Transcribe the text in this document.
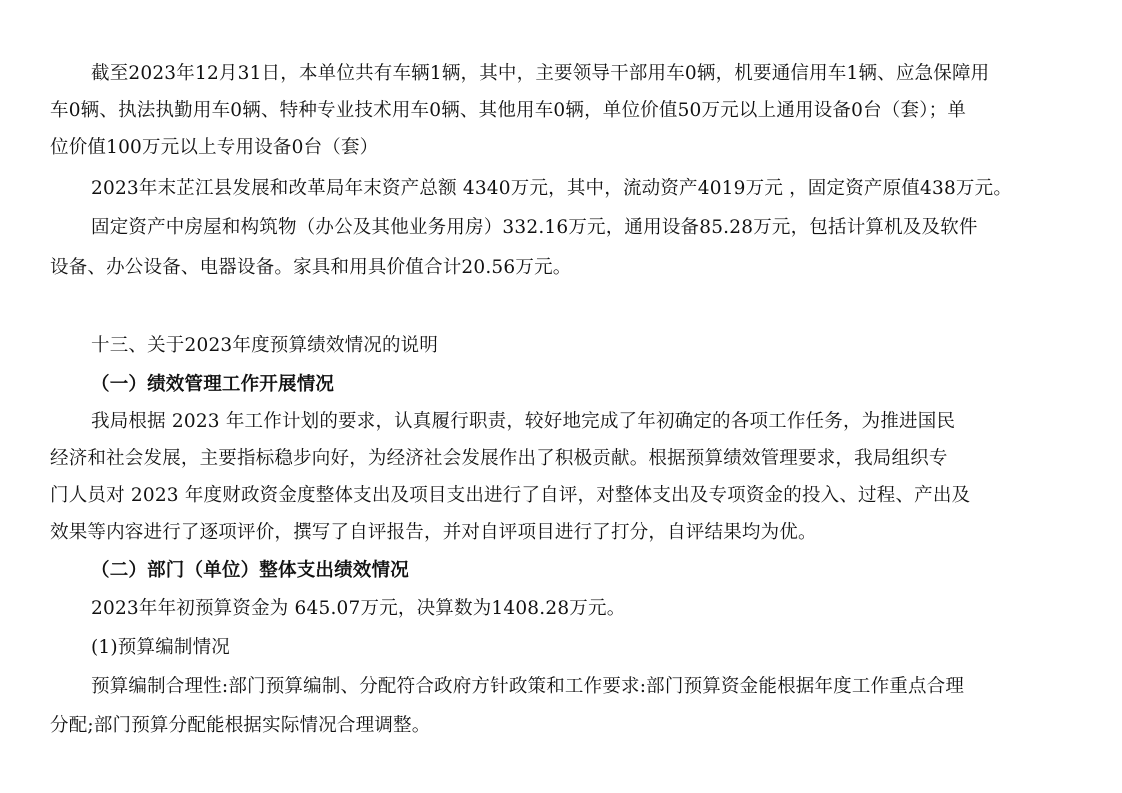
截至2023年12月31日，本单位共有车辆1辆，其中，主要领导干部用车0辆，机要通信用车1辆、应急保障用
车0辆、执法执勤用车0辆、特种专业技术用车0辆、其他用车0辆，单位价值50万元以上通用设备0台（套）；单
位价值100万元以上专用设备0台（套）
2023年末芷江县发展和改革局年末资产总额 4340万元，其中，流动资产4019万元 ，固定资产原值438万元。
固定资产中房屋和构筑物（办公及其他业务用房）332.16万元，通用设备85.28万元，包括计算机及及软件
设备、办公设备、电器设备。家具和用具价值合计20.56万元。
十三、关于2023年度预算绩效情况的说明
（一）绩效管理工作开展情况
我局根据 2023 年工作计划的要求，认真履行职责，较好地完成了年初确定的各项工作任务，为推进国民
经济和社会发展，主要指标稳步向好，为经济社会发展作出了积极贡献。根据预算绩效管理要求，我局组织专
门人员对 2023 年度财政资金度整体支出及项目支出进行了自评，对整体支出及专项资金的投入、过程、产出及
效果等内容进行了逐项评价，撰写了自评报告，并对自评项目进行了打分，自评结果均为优。
（二）部门（单位）整体支出绩效情况
2023年年初预算资金为 645.07万元，决算数为1408.28万元。
(1)预算编制情况
预算编制合理性:部门预算编制、分配符合政府方针政策和工作要求:部门预算资金能根据年度工作重点合理
分配;部门预算分配能根据实际情况合理调整。
